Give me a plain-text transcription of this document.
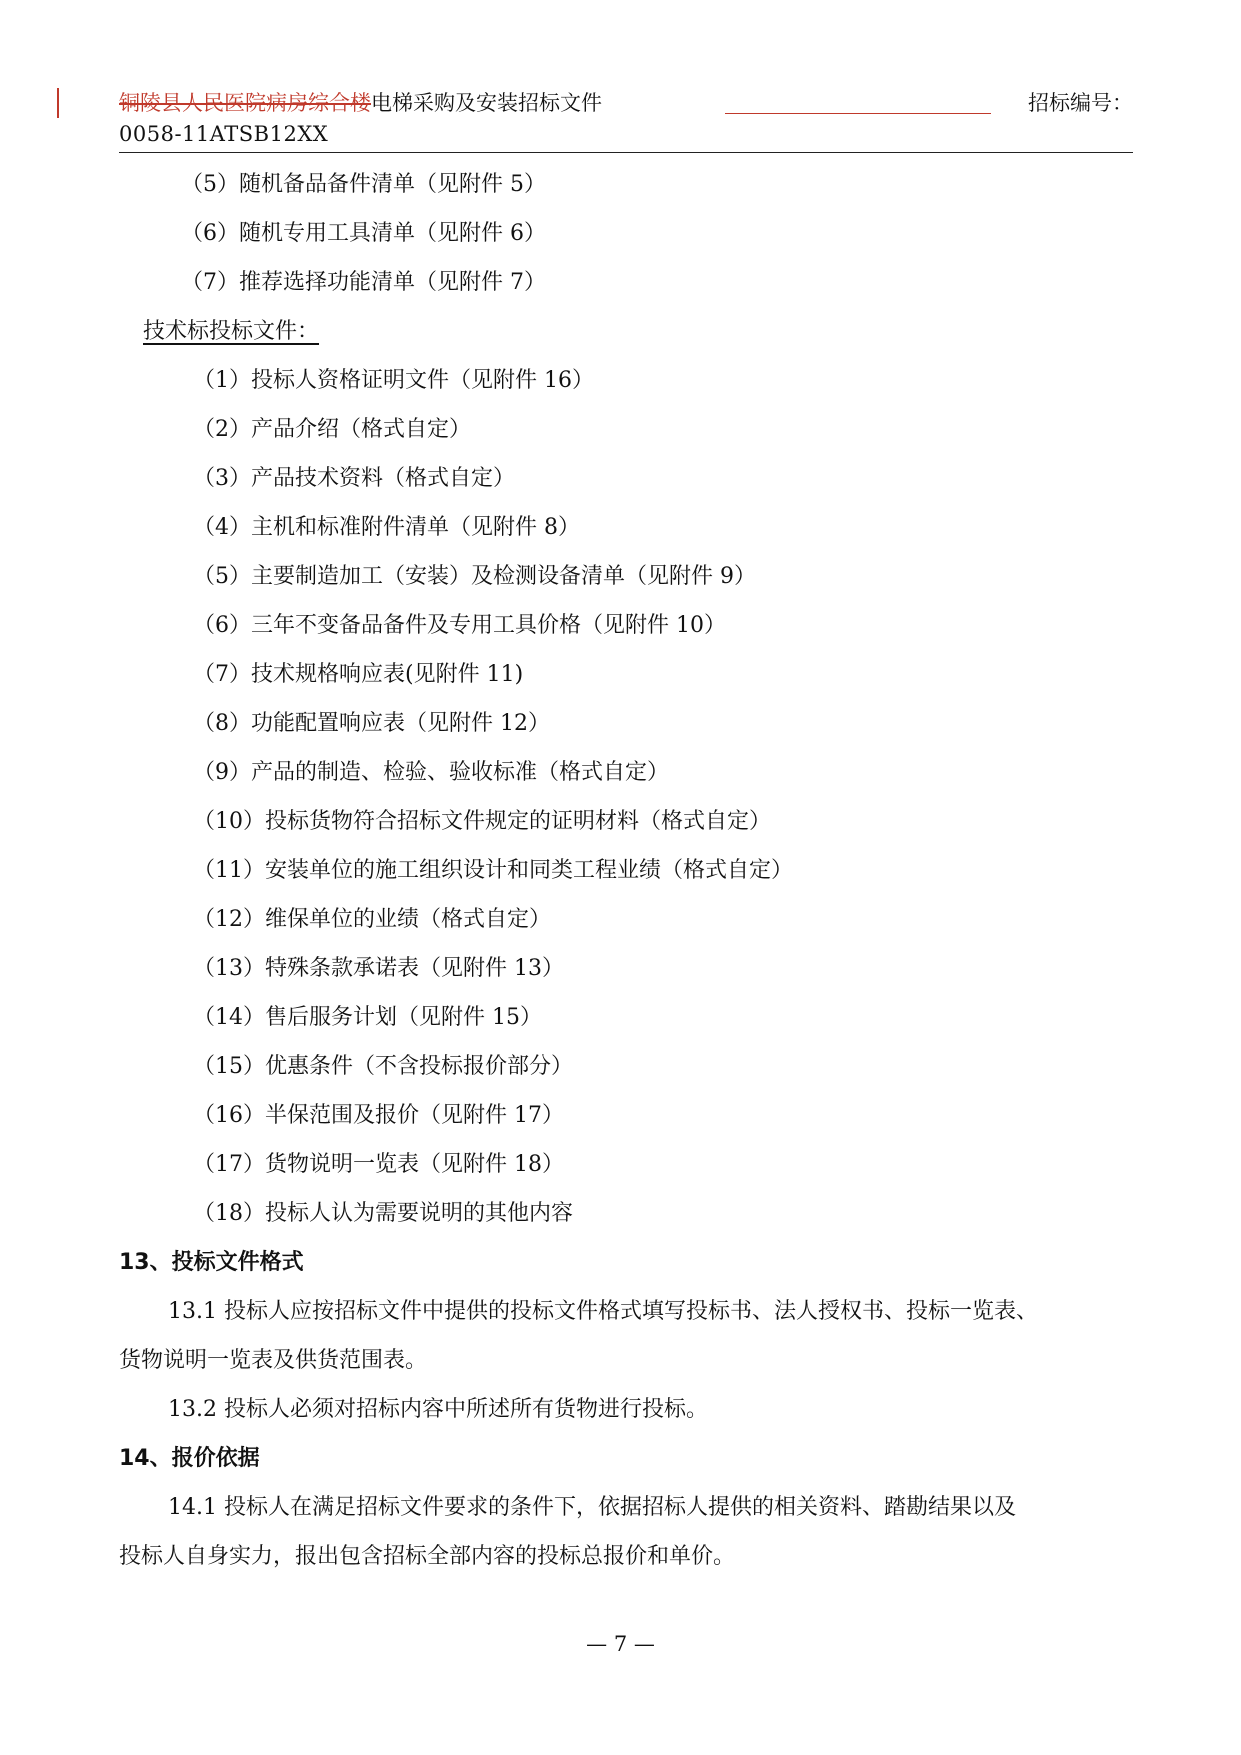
铜陵县人民医院病房综合楼电梯采购及安装招标文件	招标编号：
0058-11ATSB12XX
（5）随机备品备件清单（见附件 5）
（6）随机专用工具清单（见附件 6）
（7）推荐选择功能清单（见附件 7）
技术标投标文件：
（1）投标人资格证明文件（见附件 16）
（2）产品介绍（格式自定）
（3）产品技术资料（格式自定）
（4）主机和标准附件清单（见附件 8）
（5）主要制造加工（安装）及检测设备清单（见附件 9）
（6）三年不变备品备件及专用工具价格（见附件 10）
（7）技术规格响应表(见附件 11)
（8）功能配置响应表（见附件 12）
（9）产品的制造、检验、验收标准（格式自定）
（10）投标货物符合招标文件规定的证明材料（格式自定）
（11）安装单位的施工组织设计和同类工程业绩（格式自定）
（12）维保单位的业绩（格式自定）
（13）特殊条款承诺表（见附件 13）
（14）售后服务计划（见附件 15）
（15）优惠条件（不含投标报价部分）
（16）半保范围及报价（见附件 17）
（17）货物说明一览表（见附件 18）
（18）投标人认为需要说明的其他内容
13、投标文件格式
13.1 投标人应按招标文件中提供的投标文件格式填写投标书、法人授权书、投标一览表、
货物说明一览表及供货范围表。
13.2 投标人必须对招标内容中所述所有货物进行投标。
14、报价依据
14.1 投标人在满足招标文件要求的条件下，依据招标人提供的相关资料、踏勘结果以及
投标人自身实力，报出包含招标全部内容的投标总报价和单价。
— 7 —
